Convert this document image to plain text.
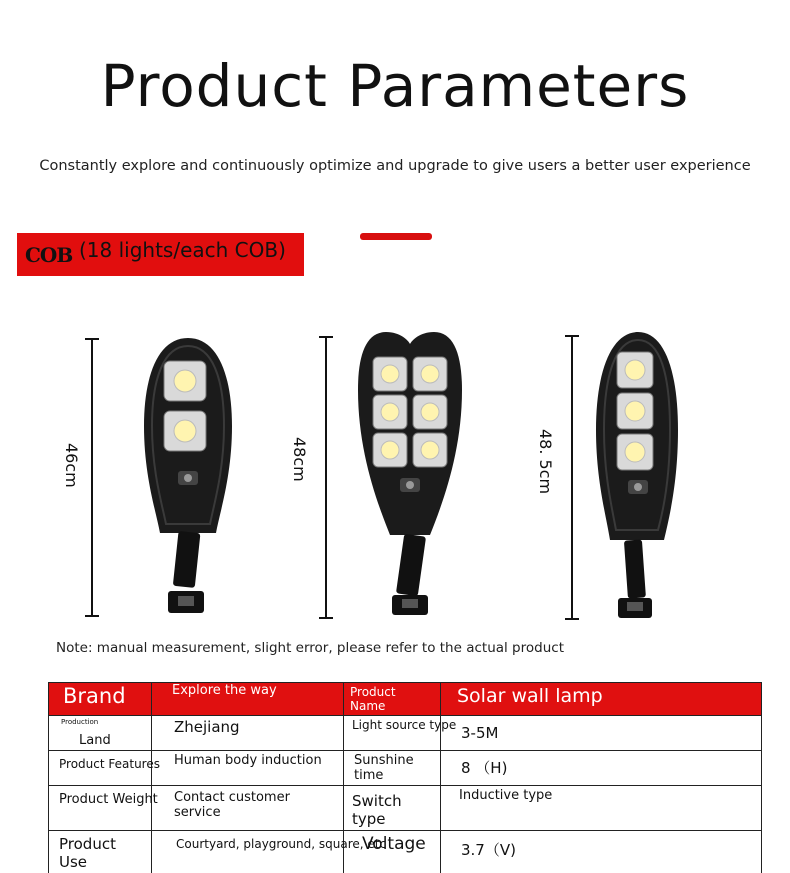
Product Parameters

Constantly explore and continuously optimize and upgrade to give users a better user experience

COB (18 lights/each COB)
46cm	48cm	48. 5cm

Note: manual measurement, slight error, please refer to the actual product

Brand	Explore the way	Product Name	Solar wall lamp
$^{Production}$ Land	Zhejiang	Light source type	3-5M
Product Features	Human body induction	Sunshine time	8 （H)
Product Weight	Contact customer service	Switch type	Inductive type
Product Use	Courtyard, playground, square, etc	Voltage	3.7（V)
